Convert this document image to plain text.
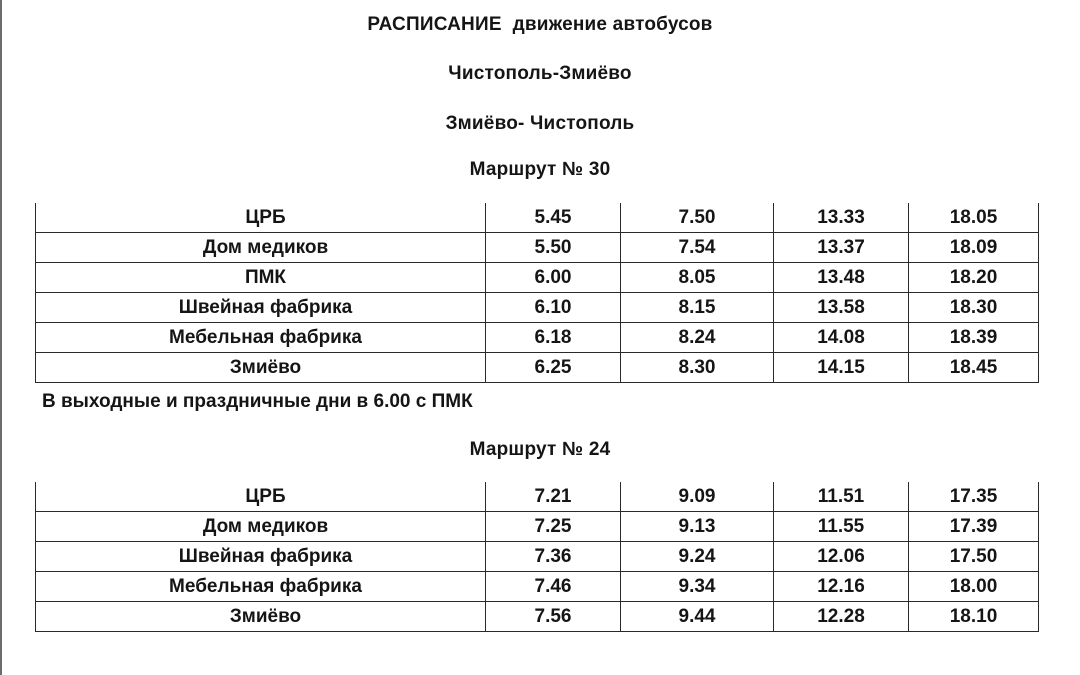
РАСПИСАНИЕ  движение автобусов
Чистополь-Змиёво
Змиёво- Чистополь
Маршрут № 30
ЦРБ	5.45	7.50	13.33	18.05
Дом медиков	5.50	7.54	13.37	18.09
ПМК	6.00	8.05	13.48	18.20
Швейная фабрика	6.10	8.15	13.58	18.30
Мебельная фабрика	6.18	8.24	14.08	18.39
Змиёво	6.25	8.30	14.15	18.45
В выходные и праздничные дни в 6.00 с ПМК
Маршрут № 24
ЦРБ	7.21	9.09	11.51	17.35
Дом медиков	7.25	9.13	11.55	17.39
Швейная фабрика	7.36	9.24	12.06	17.50
Мебельная фабрика	7.46	9.34	12.16	18.00
Змиёво	7.56	9.44	12.28	18.10
